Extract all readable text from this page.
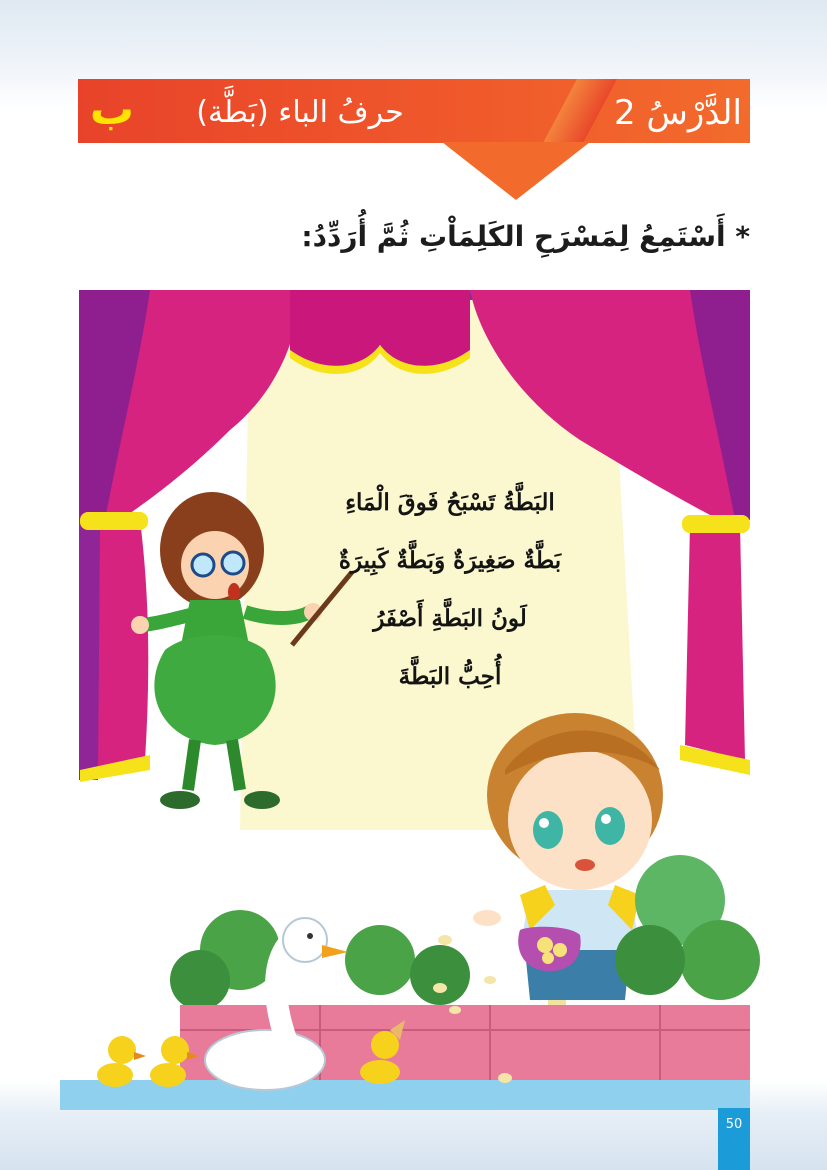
ب	حرفُ الباء (بَطَّة)	الدَّرْسُ 2
* أَسْتَمِعُ لِمَسْرَحِ الكَلِمَاْتِ ثُمَّ أُرَدِّدُ:
البَطَّةُ تَسْبَحُ فَوقَ الْمَاءِ
بَطَّةٌ صَغِيرَةٌ وَبَطَّةٌ كَبِيرَةٌ
لَونُ البَطَّةِ أَصْفَرُ
أُحِبُّ البَطَّةَ
50
